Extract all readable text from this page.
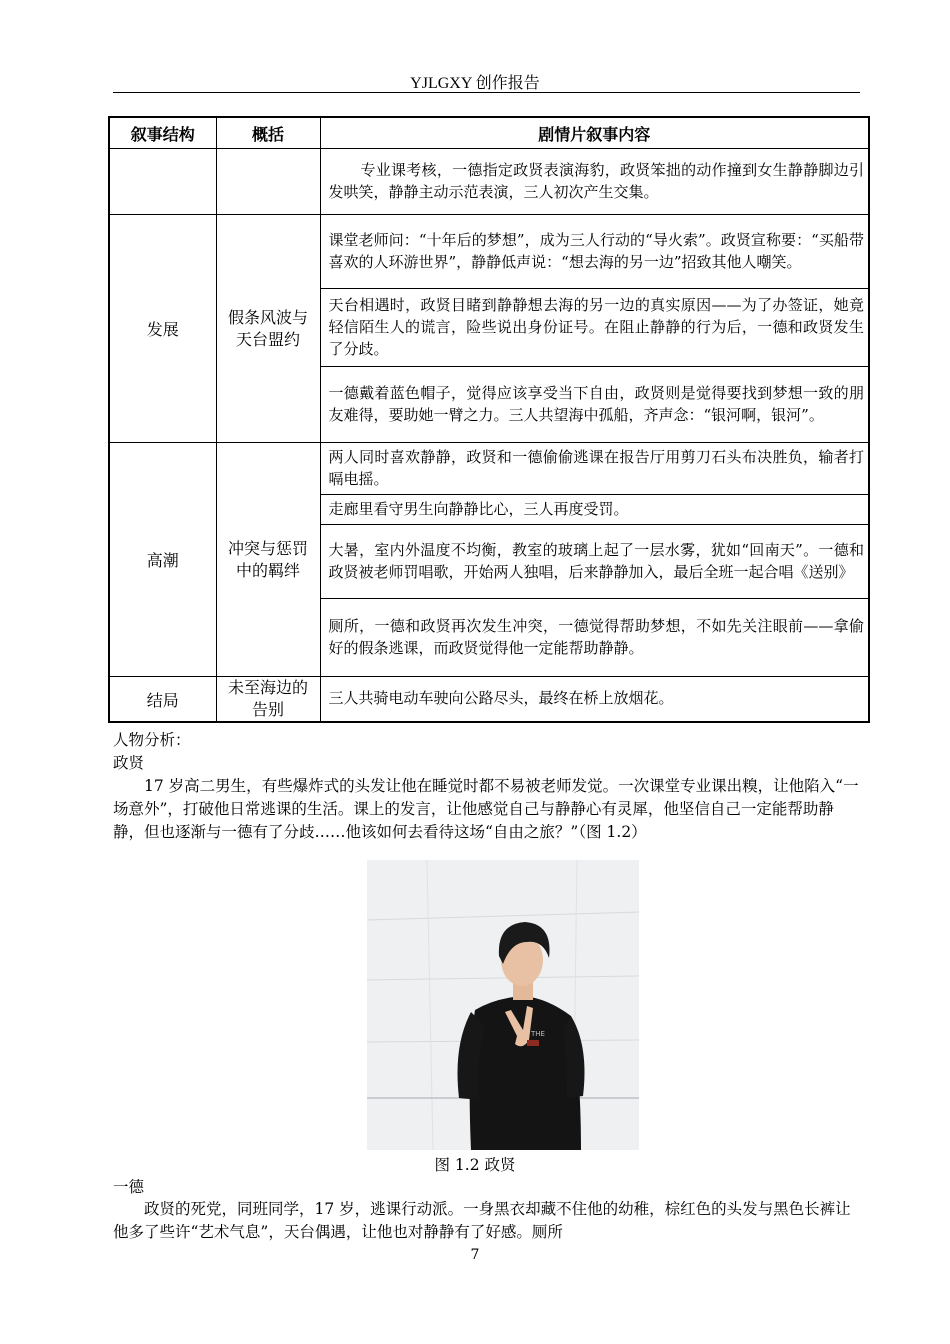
YJLGXY 创作报告
叙事结构	概括	剧情片叙事内容

		专业课考核，一德指定政贤表演海豹，政贤笨拙的动作撞到女生静静脚边引发哄笑，静静主动示范表演，三人初次产生交集。

发展	假条风波与天台盟约	课堂老师问：“十年后的梦想”，成为三人行动的“导火索”。政贤宣称要：“买船带喜欢的人环游世界”，静静低声说：“想去海的另一边”招致其他人嘲笑。
		天台相遇时，政贤目睹到静静想去海的另一边的真实原因——为了办签证，她竟轻信陌生人的谎言，险些说出身份证号。在阻止静静的行为后，一德和政贤发生了分歧。
		一德戴着蓝色帽子，觉得应该享受当下自由，政贤则是觉得要找到梦想一致的朋友难得，要助她一臂之力。三人共望海中孤船，齐声念：“银河啊，银河”。
高潮	冲突与惩罚中的羁绊	两人同时喜欢静静，政贤和一德偷偷逃课在报告厅用剪刀石头布决胜负，输者打嗝电摇。
		走廊里看守男生向静静比心，三人再度受罚。
		大暑，室内外温度不均衡，教室的玻璃上起了一层水雾，犹如“回南天”。一德和政贤被老师罚唱歌，开始两人独唱，后来静静加入，最后全班一起合唱《送别》
		厕所，一德和政贤再次发生冲突，一德觉得帮助梦想，不如先关注眼前——拿偷好的假条逃课，而政贤觉得他一定能帮助静静。
结局	未至海边的告别	三人共骑电动车驶向公路尽头，最终在桥上放烟花。
人物分析：
政贤
17 岁高二男生，有些爆炸式的头发让他在睡觉时都不易被老师发觉。一次课堂专业课出糗，让他陷入“一场意外”，打破他日常逃课的生活。课上的发言，让他感觉自己与静静心有灵犀，他坚信自己一定能帮助静静，但也逐渐与一德有了分歧……他该如何去看待这场“自由之旅？”（图 1.2）
THE
图 1.2 政贤
一德
政贤的死党，同班同学，17 岁，逃课行动派。一身黑衣却藏不住他的幼稚，棕红色的头发与黑色长裤让他多了些许“艺术气息”，天台偶遇，让他也对静静有了好感。厕所
7
